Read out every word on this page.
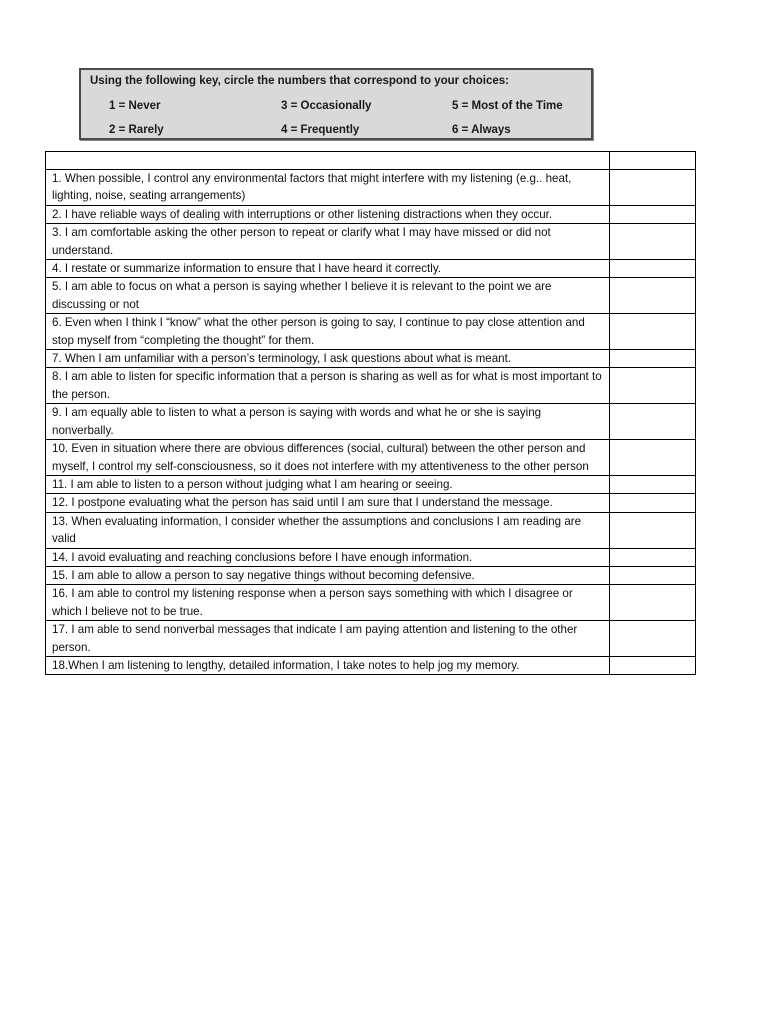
Using the following key, circle the numbers that correspond to your choices:
1 = Never
2 = Rarely
3 = Occasionally
4 = Frequently
5 = Most of the Time
6 = Always

1. When possible, I control any environmental factors that might interfere with my listening (e.g.. heat, lighting, noise, seating arrangements)	
2. I have reliable ways of dealing with interruptions or other listening distractions when they occur.	
3. I am comfortable asking the other person to repeat or clarify what I may have missed or did not understand.	
4. I restate or summarize information to ensure that I have heard it correctly.	
5. I am able to focus on what a person is saying whether I believe it is relevant to the point we are discussing or not	
6. Even when I think I “know” what the other person is going to say, I continue to pay close attention and stop myself from “completing the thought” for them.	
7. When I am unfamiliar with a person’s terminology, I ask questions about what is meant.	
8. I am able to listen for specific information that a person is sharing as well as for what is most important to the person.	
9. I am equally able to listen to what a person is saying with words and what he or she is saying nonverbally.	
10. Even in situation where there are obvious differences (social, cultural) between the other person and myself, I control my self-consciousness, so it does not interfere with my attentiveness to the other person	
11. I am able to listen to a person without judging what I am hearing or seeing.	
12. I postpone evaluating what the person has said until I am sure that I understand the message.	
13. When evaluating information, I consider whether the assumptions and conclusions I am reading are valid	
14. I avoid evaluating and reaching conclusions before I have enough information.	
15. I am able to allow a person to say negative things without becoming defensive.	
16. I am able to control my listening response when a person says something with which I disagree or which I believe not to be true.	
17. I am able to send nonverbal messages that indicate I am paying attention and listening to the other person.	
18.When I am listening to lengthy, detailed information, I take notes to help jog my memory.	
